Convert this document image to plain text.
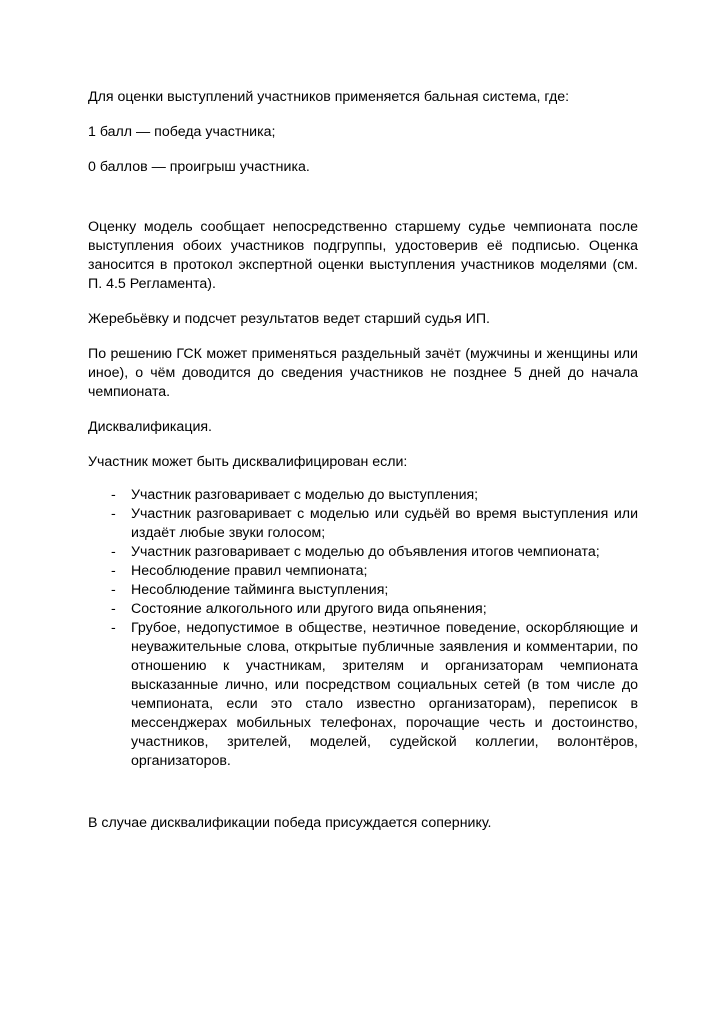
Для оценки выступлений участников применяется бальная система, где:

1 балл — победа участника;

0 баллов — проигрыш участника.

Оценку модель сообщает непосредственно старшему судье чемпионата после выступления обоих участников подгруппы, удостоверив её подписью. Оценка заносится в протокол экспертной оценки выступления участников моделями (см. П. 4.5 Регламента).

Жеребьёвку и подсчет результатов ведет старший судья ИП.

По решению ГСК может применяться раздельный зачёт (мужчины и женщины или иное), о чём доводится до сведения участников не позднее 5 дней до начала чемпионата.

Дисквалификация.

Участник может быть дисквалифицирован если:

- Участник разговаривает с моделью до выступления;
- Участник разговаривает с моделью или судьёй во время выступления или издаёт любые звуки голосом;
- Участник разговаривает с моделью до объявления итогов чемпионата;
- Несоблюдение правил чемпионата;
- Несоблюдение тайминга выступления;
- Состояние алкогольного или другого вида опьянения;
- Грубое, недопустимое в обществе, неэтичное поведение, оскорбляющие и неуважительные слова, открытые публичные заявления и комментарии, по отношению к участникам, зрителям и организаторам чемпионата высказанные лично, или посредством социальных сетей (в том числе до чемпионата, если это стало известно организаторам), переписок в мессенджерах мобильных телефонах, порочащие честь и достоинство, участников, зрителей, моделей, судейской коллегии, волонтёров, организаторов.

В случае дисквалификации победа присуждается сопернику.
